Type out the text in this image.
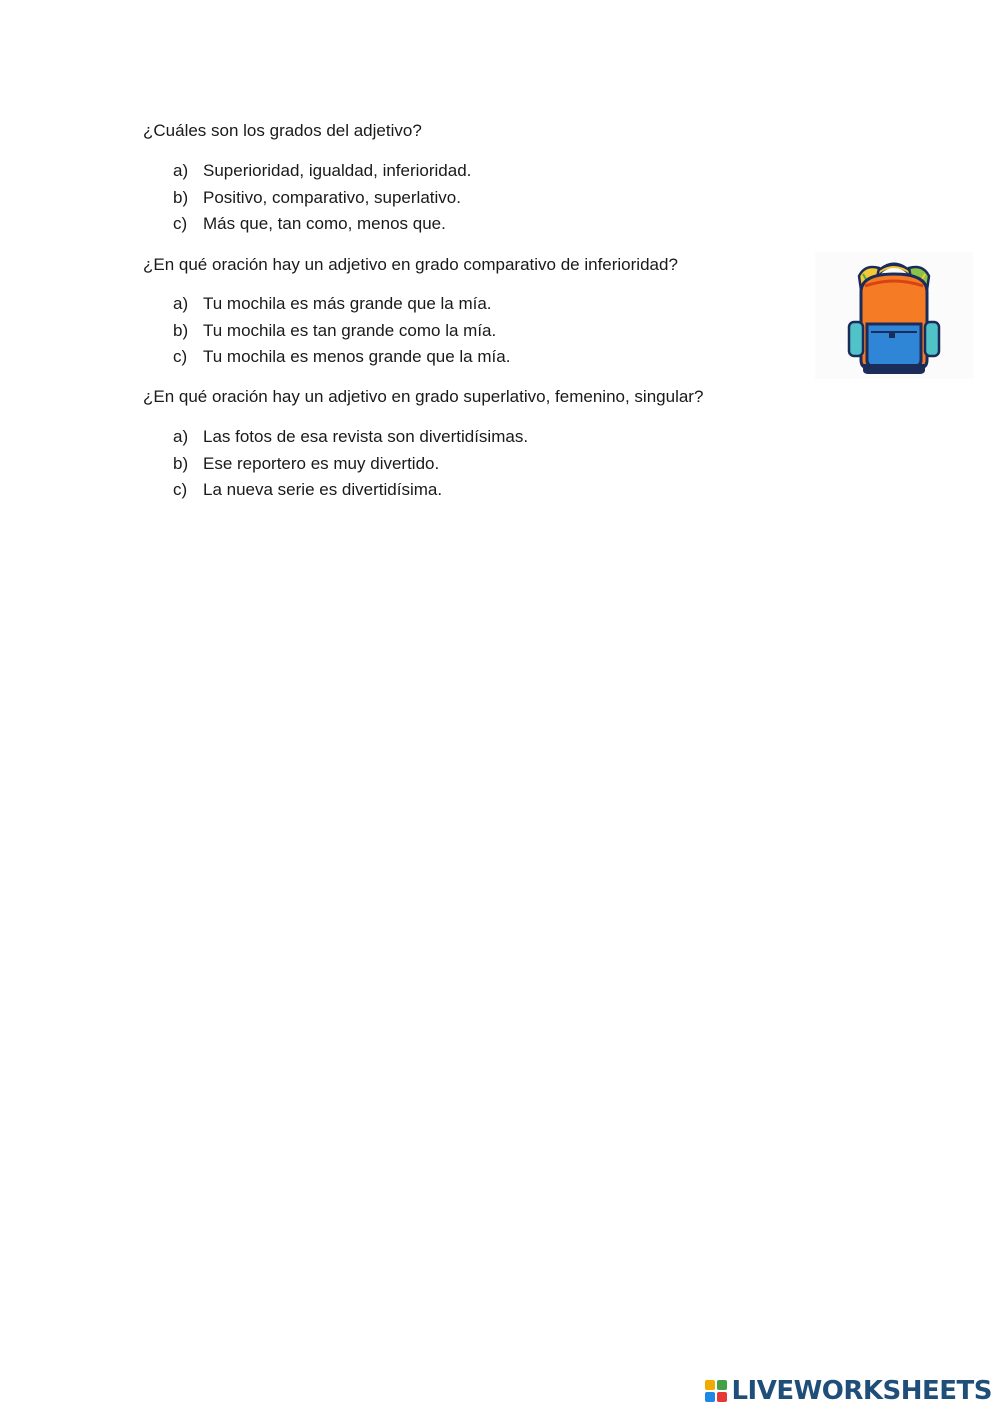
¿Cuáles son los grados del adjetivo?
a) Superioridad, igualdad, inferioridad.
b) Positivo, comparativo, superlativo.
c) Más que, tan como, menos que.
¿En qué oración hay un adjetivo en grado comparativo de inferioridad?
a) Tu mochila es más grande que la mía.
b) Tu mochila es tan grande como la mía.
c) Tu mochila es menos grande que la mía.
¿En qué oración hay un adjetivo en grado superlativo, femenino, singular?
a) Las fotos de esa revista son divertidísimas.
b) Ese reportero es muy divertido.
c) La nueva serie es divertidísima.
LIVEWORKSHEETS
